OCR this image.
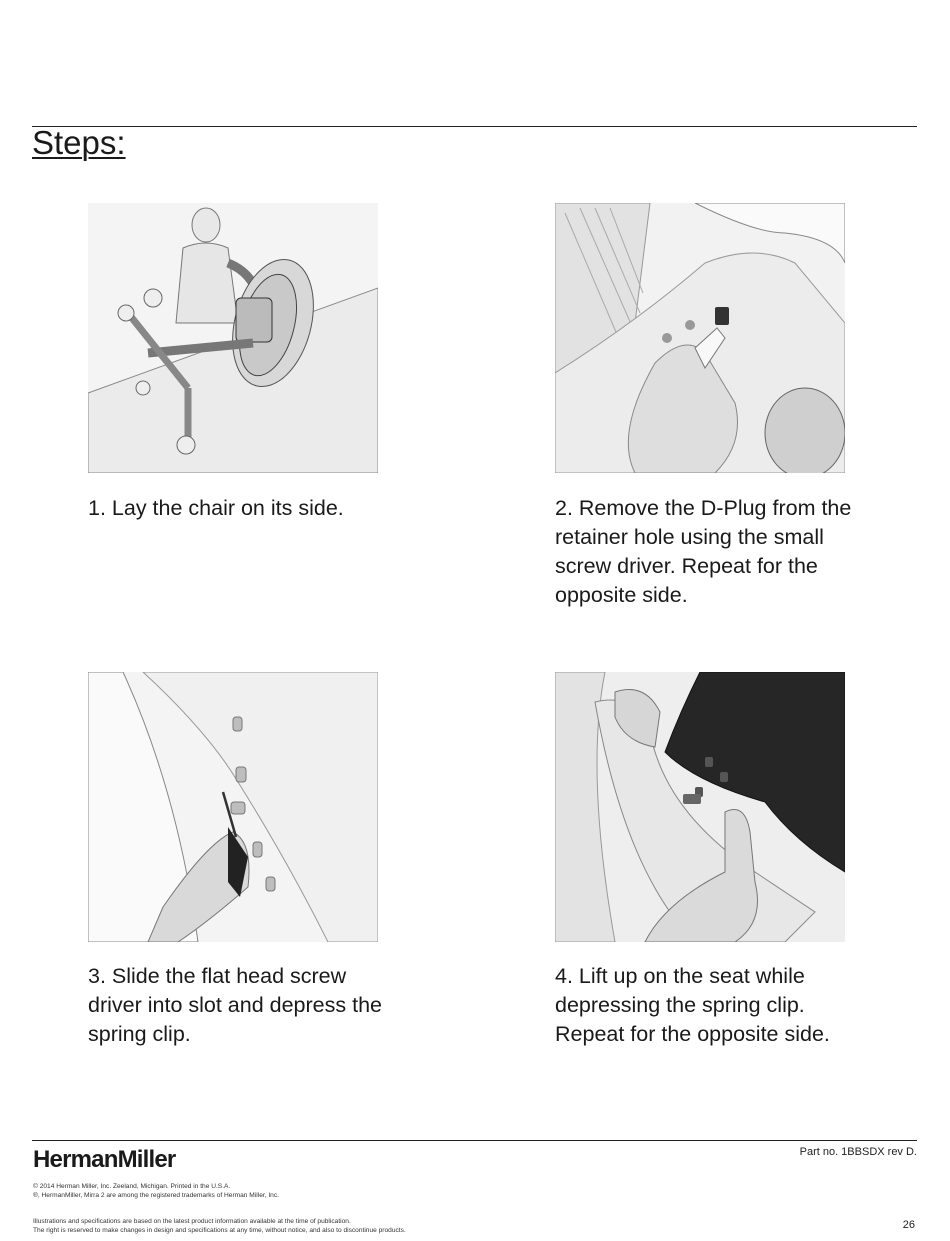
Steps:

1. Lay the chair on its side.	2. Remove the D-Plug from the retainer hole using the small screw driver. Repeat for the opposite side.

3. Slide the flat head screw driver into slot and depress the spring clip.

4. Lift up on the seat while depressing the spring clip. Repeat for the opposite side.

HermanMiller	Part no. 1BBSDX rev D.
© 2014 Herman Miller, Inc. Zeeland, Michigan. Printed in the U.S.A.
®, HermanMiller, Mirra 2 are among the registered trademarks of Herman Miller, Inc.
Illustrations and specifications are based on the latest product information available at the time of publication.
The right is reserved to make changes in design and specifications at any time, without notice, and also to discontinue products.	26
